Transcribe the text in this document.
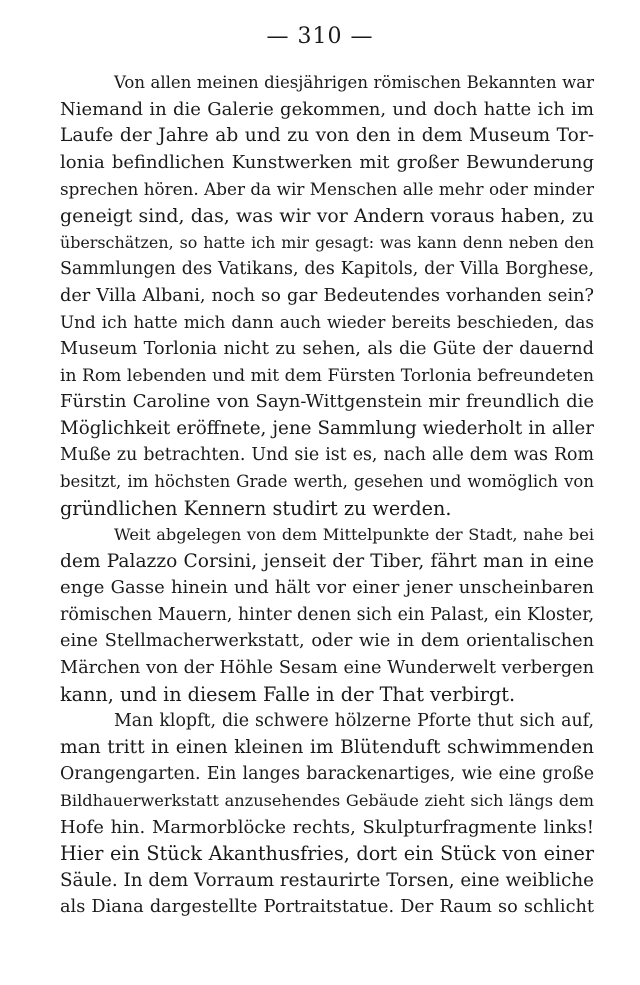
— 310 —
Von allen meinen diesjährigen römischen Bekannten war
Niemand in die Galerie gekommen, und doch hatte ich im
Laufe der Jahre ab und zu von den in dem Museum Tor-
lonia befindlichen Kunstwerken mit großer Bewunderung
sprechen hören. Aber da wir Menschen alle mehr oder minder
geneigt sind, das, was wir vor Andern voraus haben, zu
überschätzen, so hatte ich mir gesagt: was kann denn neben den
Sammlungen des Vatikans, des Kapitols, der Villa Borghese,
der Villa Albani, noch so gar Bedeutendes vorhanden sein?
Und ich hatte mich dann auch wieder bereits beschieden, das
Museum Torlonia nicht zu sehen, als die Güte der dauernd
in Rom lebenden und mit dem Fürsten Torlonia befreundeten
Fürstin Caroline von Sayn-Wittgenstein mir freundlich die
Möglichkeit eröffnete, jene Sammlung wiederholt in aller
Muße zu betrachten. Und sie ist es, nach alle dem was Rom
besitzt, im höchsten Grade werth, gesehen und womöglich von
gründlichen Kennern studirt zu werden.
Weit abgelegen von dem Mittelpunkte der Stadt, nahe bei
dem Palazzo Corsini, jenseit der Tiber, fährt man in eine
enge Gasse hinein und hält vor einer jener unscheinbaren
römischen Mauern, hinter denen sich ein Palast, ein Kloster,
eine Stellmacherwerkstatt, oder wie in dem orientalischen
Märchen von der Höhle Sesam eine Wunderwelt verbergen
kann, und in diesem Falle in der That verbirgt.
Man klopft, die schwere hölzerne Pforte thut sich auf,
man tritt in einen kleinen im Blütenduft schwimmenden
Orangengarten. Ein langes barackenartiges, wie eine große
Bildhauerwerkstatt anzusehendes Gebäude zieht sich längs dem
Hofe hin. Marmorblöcke rechts, Skulpturfragmente links!
Hier ein Stück Akanthusfries, dort ein Stück von einer
Säule. In dem Vorraum restaurirte Torsen, eine weibliche
als Diana dargestellte Portraitstatue. Der Raum so schlicht
